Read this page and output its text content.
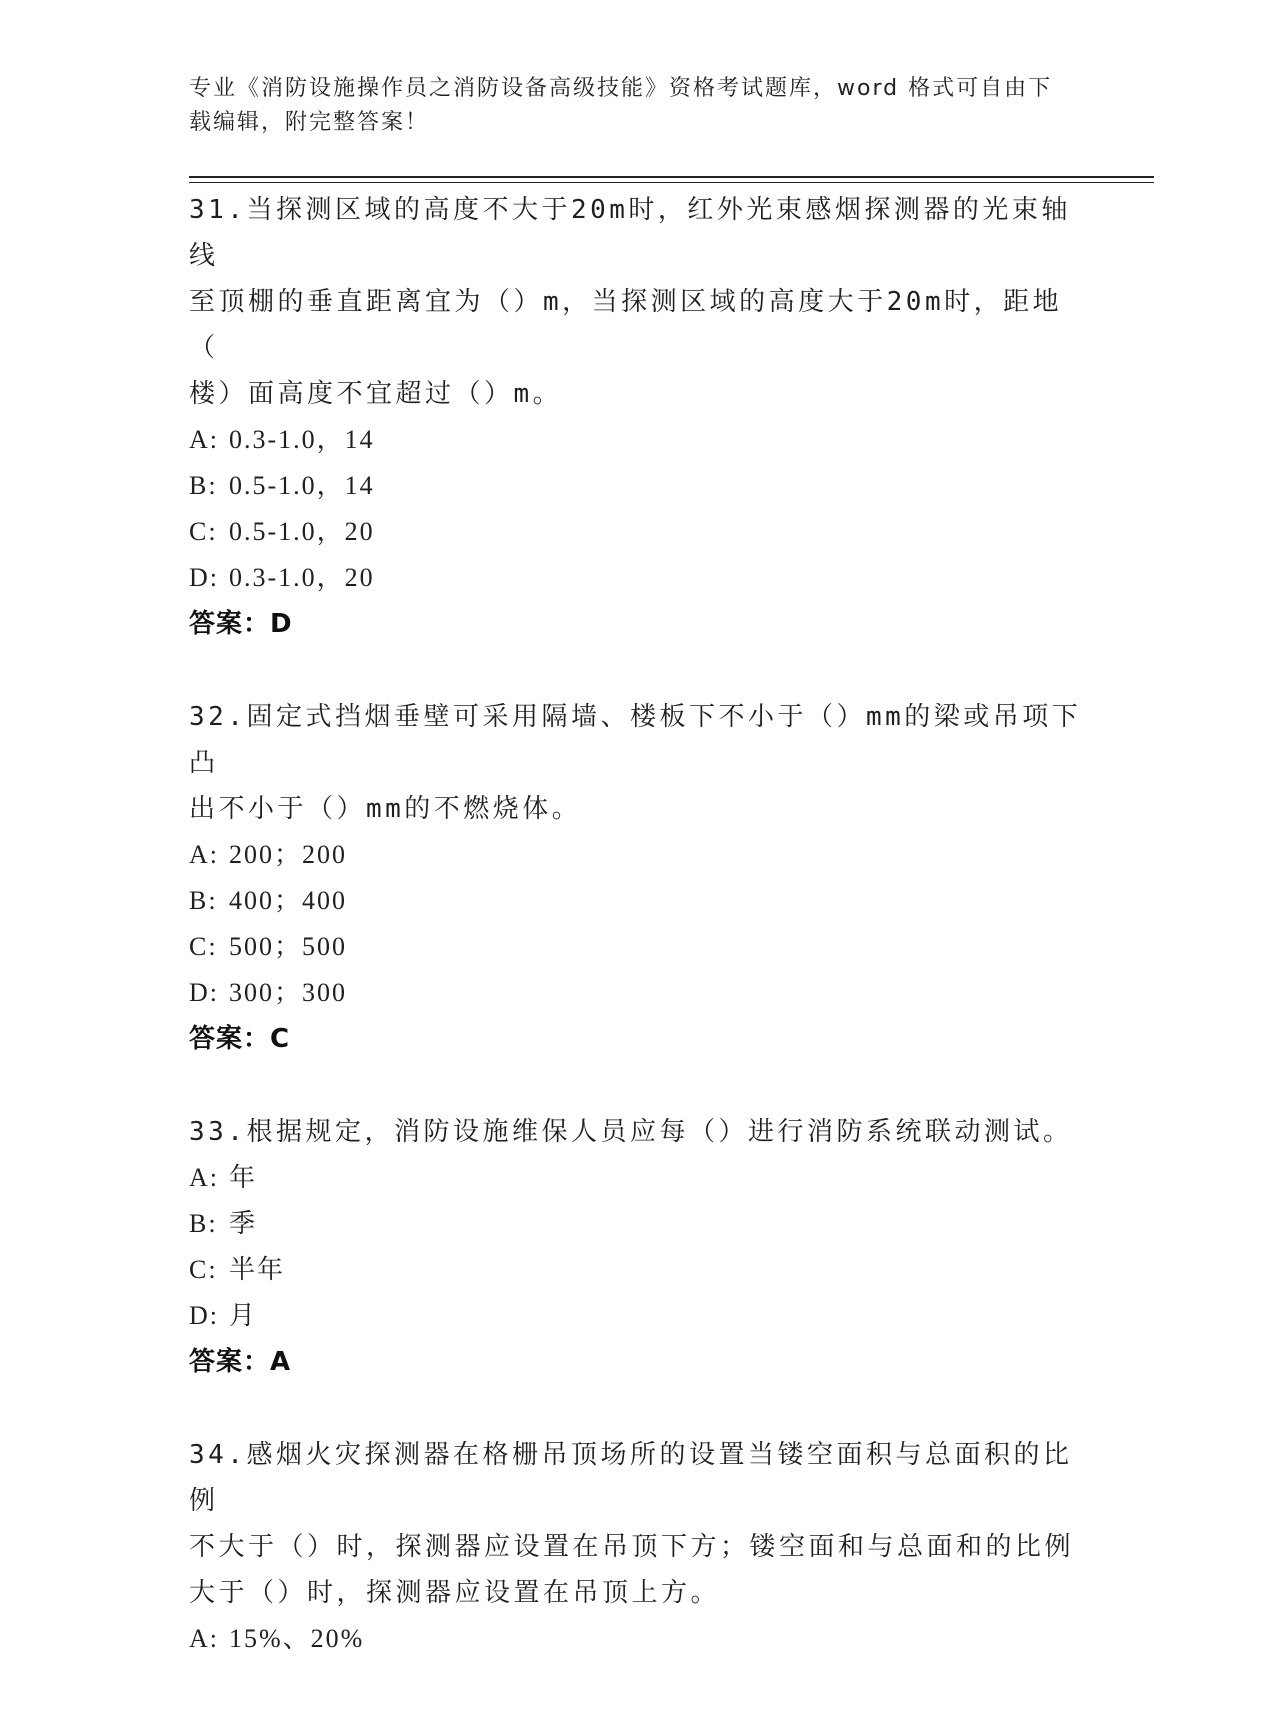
专业《消防设施操作员之消防设备高级技能》资格考试题库，word 格式可自由下
载编辑，附完整答案！
31.当探测区域的高度不大于20m时，红外光束感烟探测器的光束轴线
至顶棚的垂直距离宜为（）m，当探测区域的高度大于20m时，距地（
楼）面高度不宜超过（）m。
A: 0.3-1.0，14
B: 0.5-1.0，14
C: 0.5-1.0，20
D: 0.3-1.0，20
答案：D
32.固定式挡烟垂壁可采用隔墙、楼板下不小于（）mm的梁或吊项下凸
出不小于（）mm的不燃烧体。
A: 200；200
B: 400；400
C: 500；500
D: 300；300
答案：C
33.根据规定，消防设施维保人员应每（）进行消防系统联动测试。
A: 年
B: 季
C: 半年
D: 月
答案：A
34.感烟火灾探测器在格栅吊顶场所的设置当镂空面积与总面积的比例
不大于（）时，探测器应设置在吊顶下方；镂空面和与总面和的比例
大于（）时，探测器应设置在吊顶上方。
A: 15%、20%
